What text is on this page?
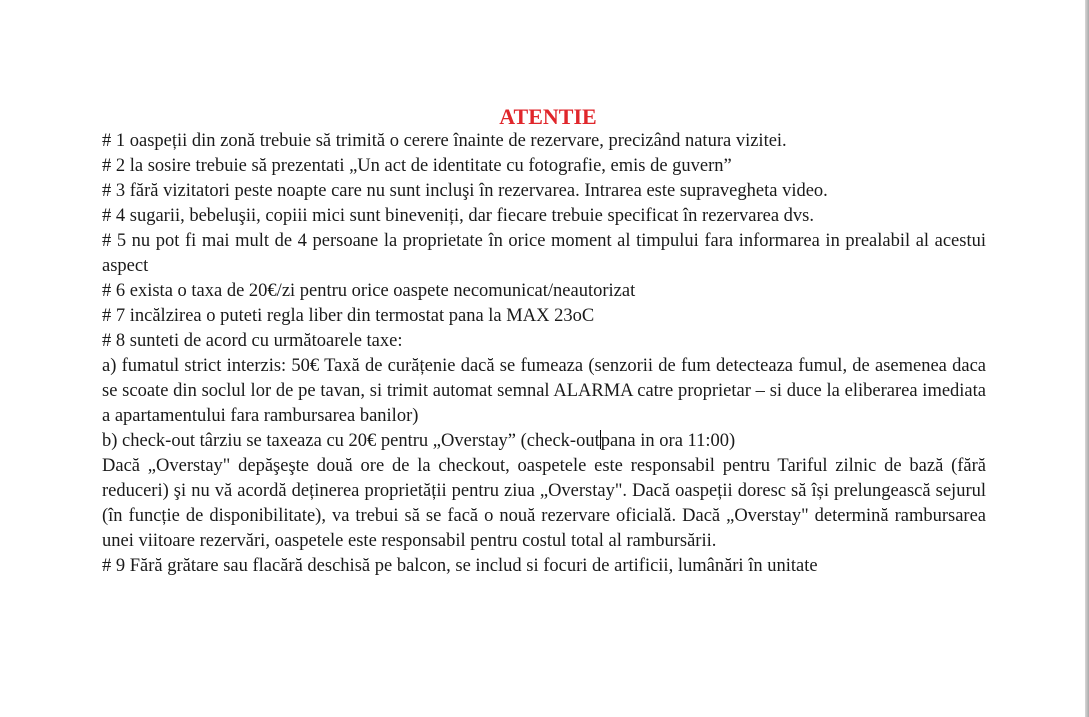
ATENTIE
# 1 oaspeții din zonă trebuie să trimită o cerere înainte de rezervare, precizând natura vizitei.
# 2 la sosire trebuie să prezentati „Un act de identitate cu fotografie, emis de guvern”
# 3 fără vizitatori peste noapte care nu sunt incluşi în rezervarea. Intrarea este supravegheta video.
# 4 sugarii, bebeluşii, copiii mici sunt bineveniți, dar fiecare trebuie specificat în rezervarea dvs.
# 5 nu pot fi mai mult de 4 persoane la proprietate în orice moment al timpului fara informarea in prealabil al acestui aspect
# 6 exista o taxa de 20€/zi pentru orice oaspete necomunicat/neautorizat
# 7 incălzirea o puteti regla liber din termostat pana la MAX 23oC
# 8 sunteti de acord cu următoarele taxe:
a) fumatul strict interzis: 50€ Taxă de curățenie dacă se fumeaza (senzorii de fum detecteaza fumul, de asemenea daca se scoate din soclul lor de pe tavan, si trimit automat semnal ALARMA catre proprietar – si duce la eliberarea imediata a apartamentului fara rambursarea banilor)
b) check-out târziu se taxeaza cu 20€ pentru „Overstay” (check-outpana in ora 11:00)
Dacă „Overstay" depăşeşte două ore de la checkout, oaspetele este responsabil pentru Tariful zilnic de bază (fără reduceri) şi nu vă acordă deținerea proprietății pentru ziua „Overstay". Dacă oaspeții doresc să își prelungească sejurul (în funcție de disponibilitate), va trebui să se facă o nouă rezervare oficială. Dacă „Overstay" determină rambursarea unei viitoare rezervări, oaspetele este responsabil pentru costul total al rambursării.
# 9 Fără grătare sau flacără deschisă pe balcon, se includ si focuri de artificii, lumânări în unitate
